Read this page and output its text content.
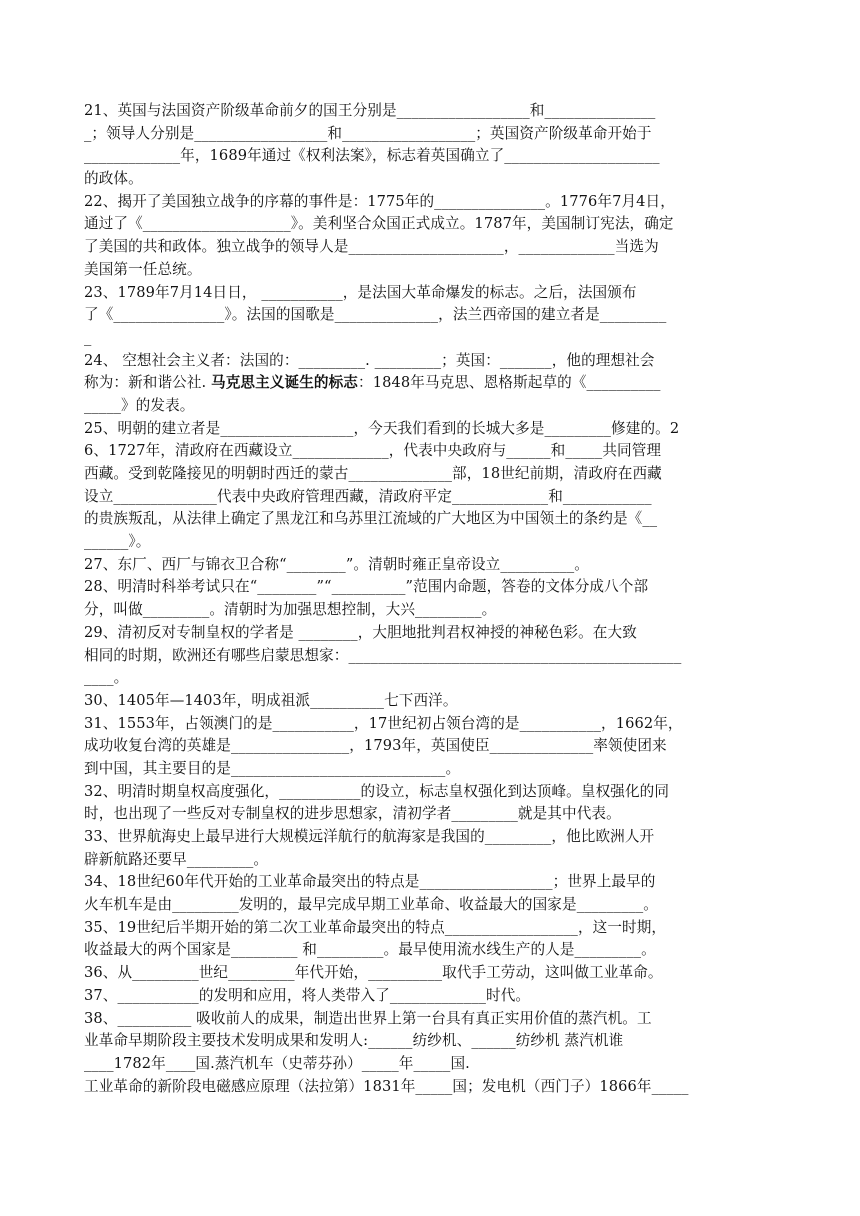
21、英国与法国资产阶级革命前夕的国王分别是__________________和_______________
_；领导人分别是__________________和__________________；英国资产阶级革命开始于
_____________年，1689年通过《权利法案》，标志着英国确立了_____________________
的政体。
22、揭开了美国独立战争的序幕的事件是：1775年的_______________。1776年7月4日，
通过了《____________________》。美利坚合众国正式成立。1787年，美国制订宪法，确定
了美国的共和政体。独立战争的领导人是_____________________，_____________当选为
美国第一任总统。
23、1789年7月14日日， ___________，是法国大革命爆发的标志。之后，法国颁布
了《_______________》。法国的国歌是______________，法兰西帝国的建立者是_________
_
24、 空想社会主义者：法国的：_________. _________；英国：_______，他的理想社会
称为：新和谐公社. 马克思主义诞生的标志：1848年马克思、恩格斯起草的《__________
_____》的发表。
25、明朝的建立者是__________________，今天我们看到的长城大多是_________修建的。2
6、1727年，清政府在西藏设立_____________，代表中央政府与______和_____共同管理
西藏。受到乾隆接见的明朝时西迁的蒙古______________部，18世纪前期，清政府在西藏
设立______________代表中央政府管理西藏，清政府平定_____________和____________
的贵族叛乱，从法律上确定了黑龙江和乌苏里江流域的广大地区为中国领土的条约是《__
______》。
27、东厂、西厂与锦衣卫合称“________”。清朝时雍正皇帝设立__________。
28、明清时科举考试只在“________”“__________”范围内命题，答卷的文体分成八个部
分，叫做_________。清朝时为加强思想控制，大兴_________。
29、清初反对专制皇权的学者是 ________，大胆地批判君权神授的神秘色彩。在大致
相同的时期，欧洲还有哪些启蒙思想家：_____________________________________________
____。
30、1405年—1403年，明成祖派__________七下西洋。
31、1553年，占领澳门的是___________，17世纪初占领台湾的是___________，1662年，
成功收复台湾的英雄是________________，1793年，英国使臣______________率领使团来
到中国，其主要目的是_____________________________。
32、明清时期皇权高度强化，___________的设立，标志皇权强化到达顶峰。皇权强化的同
时，也出现了一些反对专制皇权的进步思想家，清初学者_________就是其中代表。
33、世界航海史上最早进行大规模远洋航行的航海家是我国的_________，他比欧洲人开
辟新航路还要早_________。
34、18世纪60年代开始的工业革命最突出的特点是__________________；世界上最早的
火车机车是由_________发明的，最早完成早期工业革命、收益最大的国家是_________。
35、19世纪后半期开始的第二次工业革命最突出的特点__________________，这一时期，
收益最大的两个国家是_________ 和_________。最早使用流水线生产的人是_________。
36、从_________世纪_________年代开始，__________取代手工劳动，这叫做工业革命。
37、___________的发明和应用，将人类带入了_____________时代。
38、__________ 吸收前人的成果，制造出世界上第一台具有真正实用价值的蒸汽机。工
业革命早期阶段主要技术发明成果和发明人:______纺纱机、______纺纱机 蒸汽机谁
____1782年____国.蒸汽机车（史蒂芬孙）_____年_____国.
工业革命的新阶段电磁感应原理（法拉第）1831年_____国；发电机（西门子）1866年_____
